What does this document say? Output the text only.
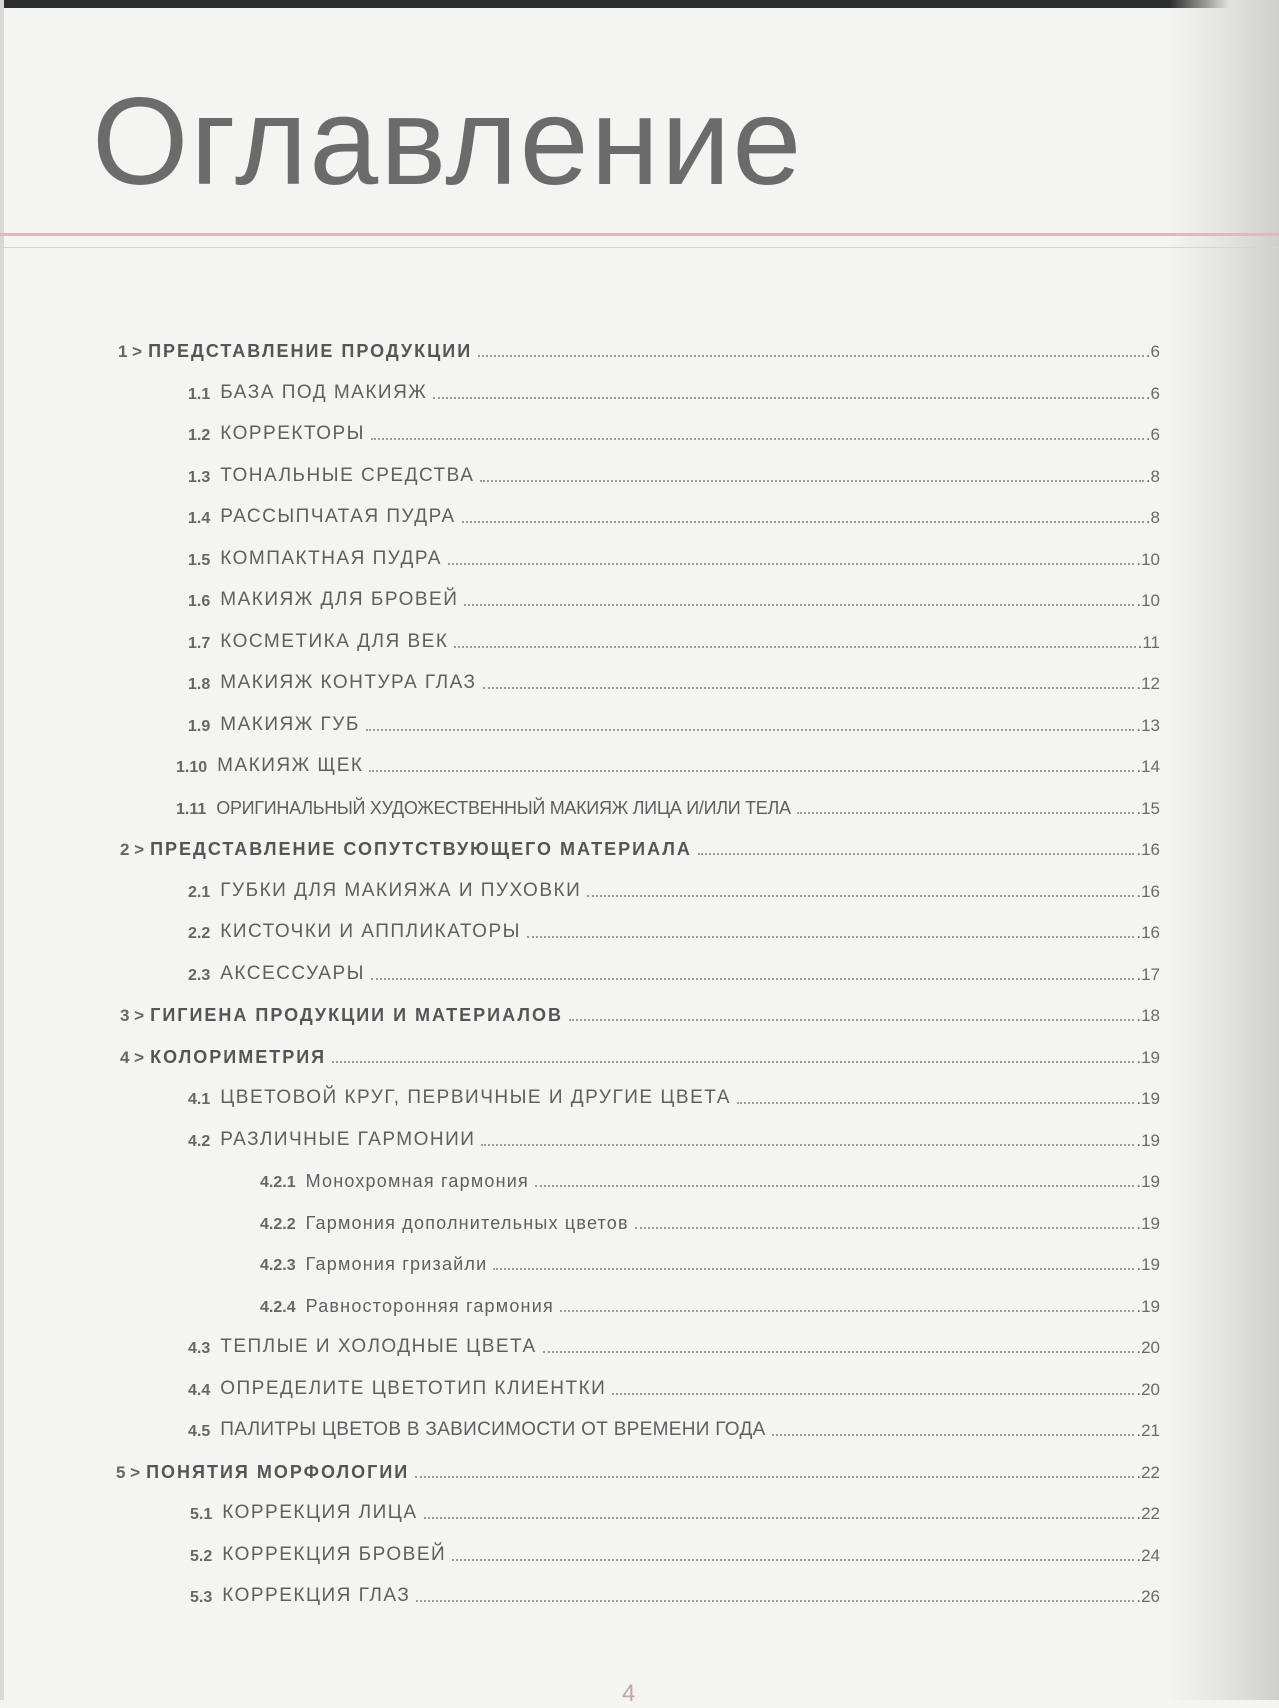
Оглавление
1 > ПРЕДСТАВЛЕНИЕ ПРОДУКЦИИ	.6
1.1 БАЗА ПОД МАКИЯЖ	.6
1.2 КОРРЕКТОРЫ	.6
1.3 ТОНАЛЬНЫЕ СРЕДСТВА	.8
1.4 РАССЫПЧАТАЯ ПУДРА	.8
1.5 КОМПАКТНАЯ ПУДРА	.10
1.6 МАКИЯЖ ДЛЯ БРОВЕЙ	.10
1.7 КОСМЕТИКА ДЛЯ ВЕК	.11
1.8 МАКИЯЖ КОНТУРА ГЛАЗ	.12
1.9 МАКИЯЖ ГУБ	.13
1.10 МАКИЯЖ ЩЕК	.14
1.11 ОРИГИНАЛЬНЫЙ ХУДОЖЕСТВЕННЫЙ МАКИЯЖ ЛИЦА И/ИЛИ ТЕЛА	.15
2 > ПРЕДСТАВЛЕНИЕ СОПУТСТВУЮЩЕГО МАТЕРИАЛА	.16
2.1 ГУБКИ ДЛЯ МАКИЯЖА И ПУХОВКИ	.16
2.2 КИСТОЧКИ И АППЛИКАТОРЫ	.16
2.3 АКСЕССУАРЫ	.17
3 > ГИГИЕНА ПРОДУКЦИИ И МАТЕРИАЛОВ	.18
4 > КОЛОРИМЕТРИЯ	.19
4.1 ЦВЕТОВОЙ КРУГ, ПЕРВИЧНЫЕ И ДРУГИЕ ЦВЕТА	.19
4.2 РАЗЛИЧНЫЕ ГАРМОНИИ	.19
4.2.1 Монохромная гармония	.19
4.2.2 Гармония дополнительных цветов	.19
4.2.3 Гармония гризайли	.19
4.2.4 Равносторонняя гармония	.19
4.3 ТЕПЛЫЕ И ХОЛОДНЫЕ ЦВЕТА	.20
4.4 ОПРЕДЕЛИТЕ ЦВЕТОТИП КЛИЕНТКИ	.20
4.5 ПАЛИТРЫ ЦВЕТОВ В ЗАВИСИМОСТИ ОТ ВРЕМЕНИ ГОДА	.21
5 > ПОНЯТИЯ МОРФОЛОГИИ	.22
5.1 КОРРЕКЦИЯ ЛИЦА	.22
5.2 КОРРЕКЦИЯ БРОВЕЙ	.24
5.3 КОРРЕКЦИЯ ГЛАЗ	.26
4
